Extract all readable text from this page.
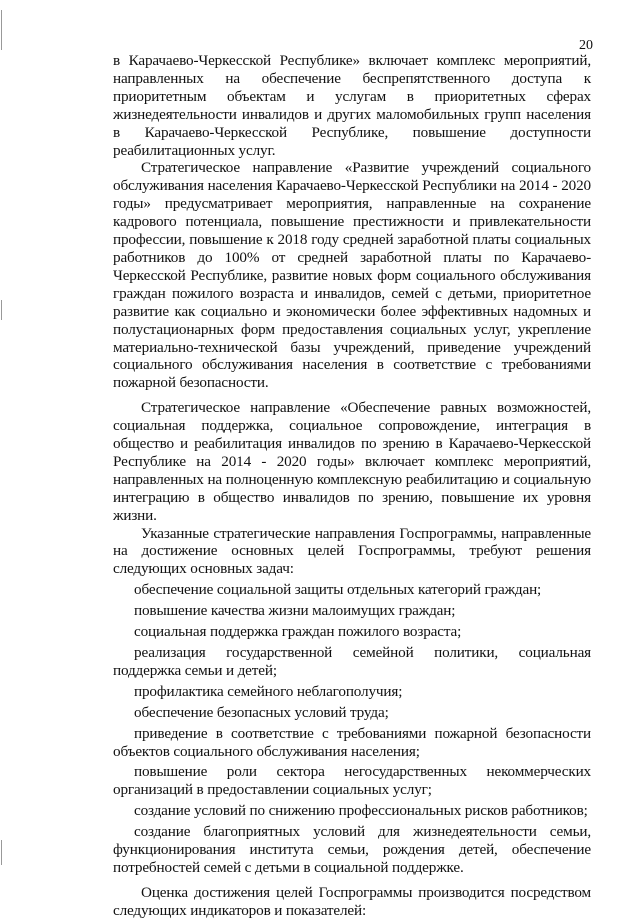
20

в Карачаево-Черкесской Республике» включает комплекс мероприятий, направленных на обеспечение беспрепятственного доступа к приоритетным объектам и услугам в приоритетных сферах жизнедеятельности инвалидов и других маломобильных групп населения в Карачаево-Черкесской Республике, повышение доступности реабилитационных услуг.

Стратегическое направление «Развитие учреждений социального обслуживания населения Карачаево-Черкесской Республики на 2014 - 2020 годы» предусматривает мероприятия, направленные на сохранение кадрового потенциала, повышение престижности и привлекательности профессии, повышение к 2018 году средней заработной платы социальных работников до 100% от средней заработной платы по Карачаево-Черкесской Республике, развитие новых форм социального обслуживания граждан пожилого возраста и инвалидов, семей с детьми, приоритетное развитие как социально и экономически более эффективных надомных и полустационарных форм предоставления социальных услуг, укрепление материально-технической базы учреждений, приведение учреждений социального обслуживания населения в соответствие с требованиями пожарной безопасности.

Стратегическое направление «Обеспечение равных возможностей, социальная поддержка, социальное сопровождение, интеграция в общество и реабилитация инвалидов по зрению в Карачаево-Черкесской Республике на 2014 - 2020 годы» включает комплекс мероприятий, направленных на полноценную комплексную реабилитацию и социальную интеграцию в общество инвалидов по зрению, повышение их уровня жизни.

Указанные стратегические направления Госпрограммы, направленные на достижение основных целей Госпрограммы, требуют решения следующих основных задач:

обеспечение социальной защиты отдельных категорий граждан;

повышение качества жизни малоимущих граждан;

социальная поддержка граждан пожилого возраста;

реализация государственной семейной политики, социальная поддержка семьи и детей;

профилактика семейного неблагополучия;

обеспечение безопасных условий труда;

приведение в соответствие с требованиями пожарной безопасности объектов социального обслуживания населения;

повышение роли сектора негосударственных некоммерческих организаций в предоставлении социальных услуг;

создание условий по снижению профессиональных рисков работников;

создание благоприятных условий для жизнедеятельности семьи, функционирования института семьи, рождения детей, обеспечение потребностей семей с детьми в социальной поддержке.

Оценка достижения целей Госпрограммы производится посредством следующих индикаторов и показателей:
